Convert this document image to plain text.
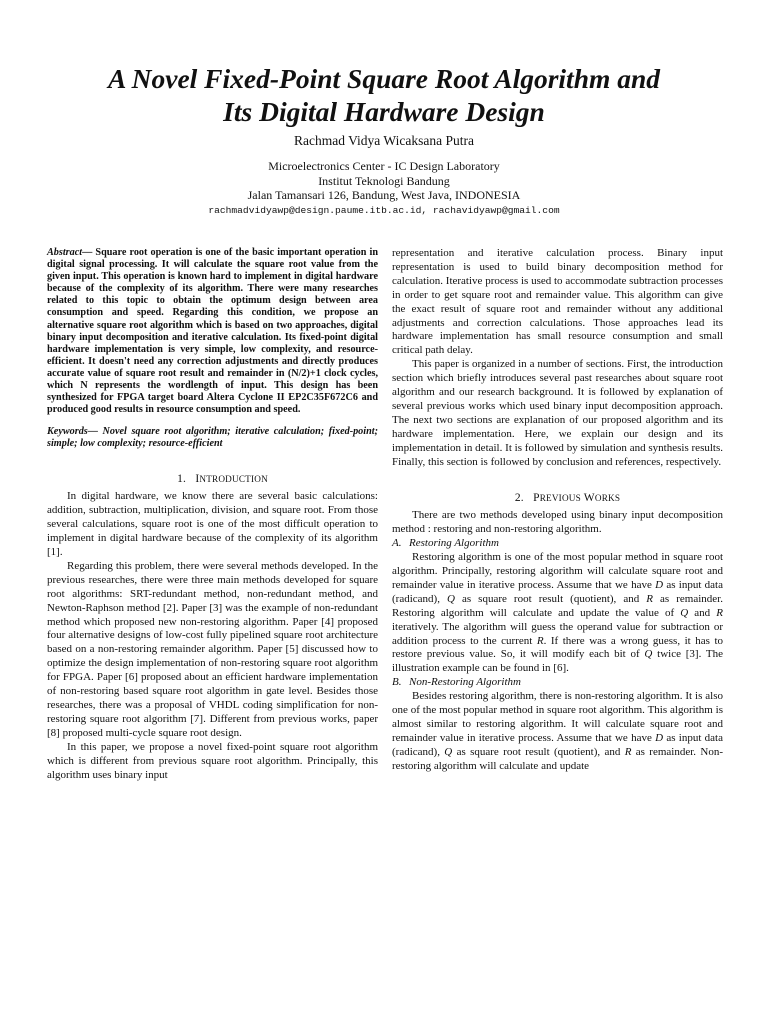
A Novel Fixed-Point Square Root Algorithm and
Its Digital Hardware Design
Rachmad Vidya Wicaksana Putra
Microelectronics Center - IC Design Laboratory
Institut Teknologi Bandung
Jalan Tamansari 126, Bandung, West Java, INDONESIA
rachmadvidyawp@design.paume.itb.ac.id, rachavidyawp@gmail.com

Abstract— Square root operation is one of the basic important operation in digital signal processing. It will calculate the square root value from the given input. This operation is known hard to implement in digital hardware because of the complexity of its algorithm. There were many researches related to this topic to obtain the optimum design between area consumption and speed. Regarding this condition, we propose an alternative square root algorithm which is based on two approaches, digital binary input decomposition and iterative calculation. Its fixed-point digital hardware implementation is very simple, low complexity, and resource-efficient. It doesn't need any correction adjustments and directly produces accurate value of square root result and remainder in (N/2)+1 clock cycles, which N represents the wordlength of input. This design has been synthesized for FPGA target board Altera Cyclone II EP2C35F672C6 and produced good results in resource consumption and speed.

Keywords— Novel square root algorithm; iterative calculation; fixed-point; simple; low complexity; resource-efficient

1. INTRODUCTION

In digital hardware, we know there are several basic calculations: addition, subtraction, multiplication, division, and square root. From those several calculations, square root is one of the most difficult operation to implement in digital hardware because of the complexity of its algorithm [1].

Regarding this problem, there were several methods developed. In the previous researches, there were three main methods developed for square root algorithms: SRT-redundant method, non-redundant method, and Newton-Raphson method [2]. Paper [3] was the example of non-redundant method which proposed new non-restoring algorithm. Paper [4] proposed four alternative designs of low-cost fully pipelined square root architecture based on a non-restoring remainder algorithm. Paper [5] discussed how to optimize the design implementation of non-restoring square root algorithm for FPGA. Paper [6] proposed about an efficient hardware implementation of non-restoring based square root algorithm in gate level. Besides those researches, there was a proposal of VHDL coding simplification for non-restoring square root algorithm [7]. Different from previous works, paper [8] proposed multi-cycle square root design.

In this paper, we propose a novel fixed-point square root algorithm which is different from previous square root algorithm. Principally, this algorithm uses binary input

representation and iterative calculation process. Binary input representation is used to build binary decomposition method for calculation. Iterative process is used to accommodate subtraction processes in order to get square root and remainder value. This algorithm can give the exact result of square root and remainder without any additional adjustments and correction calculations. Those approaches lead its hardware implementation has small resource consumption and small critical path delay.

This paper is organized in a number of sections. First, the introduction section which briefly introduces several past researches about square root algorithm and our research background. It is followed by explanation of several previous works which used binary input decomposition approach. The next two sections are explanation of our proposed algorithm and its hardware implementation. Here, we explain our design and its implementation in detail. It is followed by simulation and synthesis results. Finally, this section is followed by conclusion and references, respectively.

2. PREVIOUS WORKS

There are two methods developed using binary input decomposition method : restoring and non-restoring algorithm.

A. Restoring Algorithm

Restoring algorithm is one of the most popular method in square root algorithm. Principally, restoring algorithm will calculate square root and remainder value in iterative process. Assume that we have D as input data (radicand), Q as square root result (quotient), and R as remainder. Restoring algorithm will calculate and update the value of Q and R iteratively. The algorithm will guess the operand value for subtraction or addition process to the current R. If there was a wrong guess, it has to restore previous value. So, it will modify each bit of Q twice [3]. The illustration example can be found in [6].

B. Non-Restoring Algorithm

Besides restoring algorithm, there is non-restoring algorithm. It is also one of the most popular method in square root algorithm. This algorithm is almost similar to restoring algorithm. It will calculate square root and remainder value in iterative process. Assume that we have D as input data (radicand), Q as square root result (quotient), and R as remainder. Non-restoring algorithm will calculate and update
